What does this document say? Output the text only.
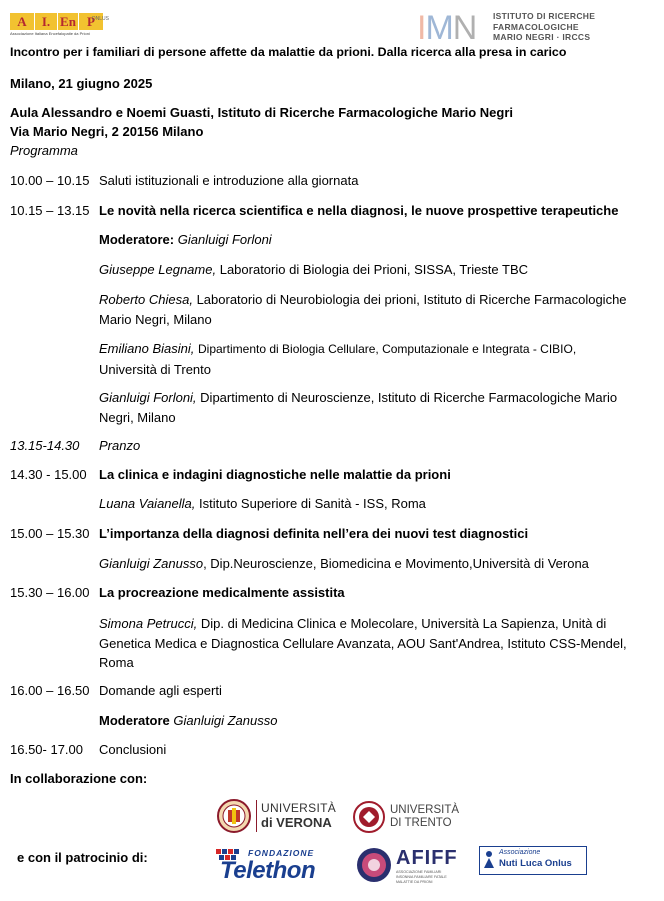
A	I. En P
Associazione Italiana Encefalopatie da Prioni
ONLUS	IMN ISTITUTO DI RICERCHE
FARMACOLOGICHE
MARIO NEGRI · IRCCS
Incontro per i familiari di persone affette da malattie da prioni. Dalla ricerca alla presa in carico
Milano, 21 giugno 2025
Aula Alessandro e Noemi Guasti, Istituto di Ricerche Farmacologiche Mario Negri
Via Mario Negri, 2 20156 Milano
Programma
10.00 – 10.15 Saluti istituzionali e introduzione alla giornata
10.15 – 13.15 Le novità nella ricerca scientifica e nella diagnosi, le nuove prospettive terapeutiche
Moderatore: Gianluigi Forloni
Giuseppe Legname, Laboratorio di Biologia dei Prioni, SISSA, Trieste TBC
Roberto Chiesa, Laboratorio di Neurobiologia dei prioni, Istituto di Ricerche Farmacologiche Mario Negri, Milano
Emiliano Biasini, Dipartimento di Biologia Cellulare, Computazionale e Integrata - CIBIO,
Università di Trento
Gianluigi Forloni, Dipartimento di Neuroscienze, Istituto di Ricerche Farmacologiche Mario Negri, Milano
13.15-14.30 Pranzo
14.30 - 15.00 La clinica e indagini diagnostiche nelle malattie da prioni
Luana Vaianella, Istituto Superiore di Sanità - ISS, Roma
15.00 – 15.30 L’importanza della diagnosi definita nell’era dei nuovi test diagnostici
Gianluigi Zanusso, Dip.Neuroscienze, Biomedicina e Movimento,Università di Verona
15.30 – 16.00 La procreazione medicalmente assistita
Simona Petrucci, Dip. di Medicina Clinica e Molecolare, Università La Sapienza, Unità di Genetica Medica e Diagnostica Cellulare Avanzata, AOU Sant'Andrea, Istituto CSS-Mendel, Roma
16.00 – 16.50 Domande agli esperti
Moderatore Gianluigi Zanusso
16.50- 17.00 Conclusioni
In collaborazione con:
UNIVERSITÀ
di VERONA
UNIVERSITÀ
DI TRENTO
e con il patrocinio di:	FONDAZIONE
Telethon	AFIFF
ASSOCIAZIONE FAMILIARI INSONNIA FAMILIARE FATALE MALATTIE DA PRIONI
Associazione
Nuti Luca Onlus
